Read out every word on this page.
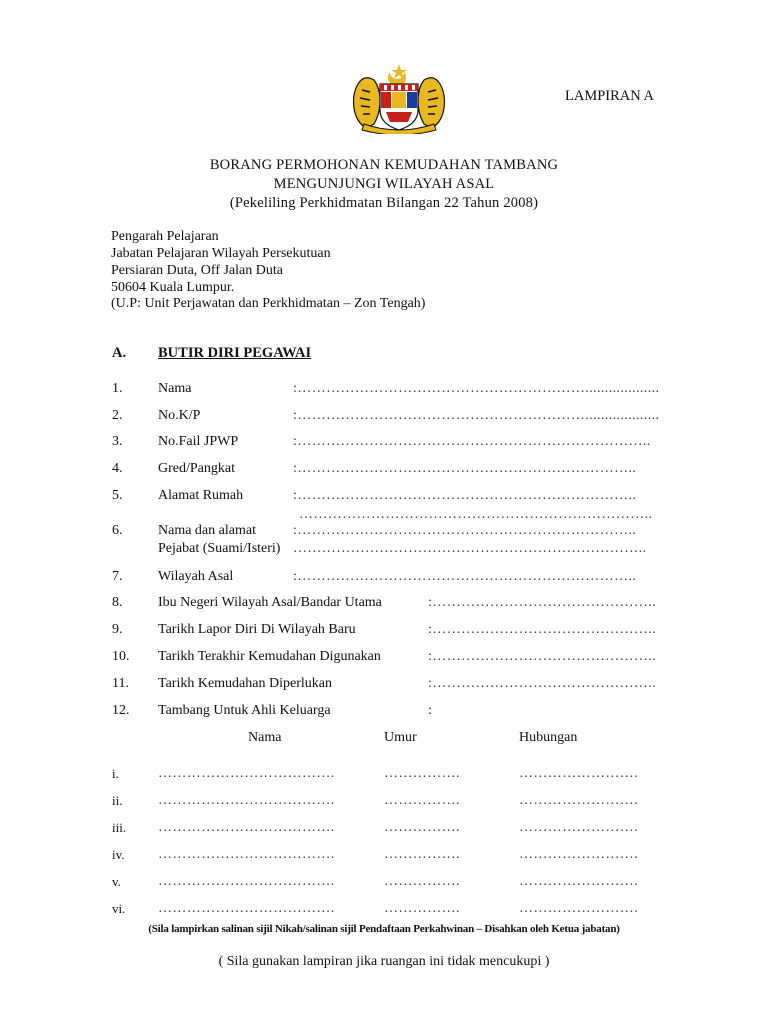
LAMPIRAN A
BORANG PERMOHONAN KEMUDAHAN TAMBANG
MENGUNJUNGI WILAYAH ASAL
(Pekeliling Perkhidmatan Bilangan 22 Tahun 2008)
Pengarah Pelajaran
Jabatan Pelajaran Wilayah Persekutuan
Persiaran Duta, Off Jalan Duta
50604 Kuala Lumpur.
(U.P: Unit Perjawatan dan Perkhidmatan – Zon Tengah)
A. BUTIR DIRI PEGAWAI
1.	Nama	:……………………………………………………...................
2.	No.K/P	:……………………………………………………...................
3.	No.Fail JPWP	:………………………………………………………………..
4.	Gred/Pangkat	:……………………………………………………………..
5.	Alamat Rumah	:……………………………………………………………..
………………………………………………………………..
6.	Nama dan alamat	:……………………………………………………………..
Pejabat (Suami/Isteri) ………………………………………………………………..
7.	Wilayah Asal	:……………………………………………………………..
8.	Ibu Negeri Wilayah Asal/Bandar Utama	:………………………………………..
9.	Tarikh Lapor Diri Di Wilayah Baru	:………………………………………..
10. Tarikh Terakhir Kemudahan Digunakan	:………………………………………..
11. Tarikh Kemudahan Diperlukan	:………………………………………..
12. Tambang Untuk Ahli Keluarga	:
Nama	Umur	Hubungan
i.	……………………………….	…………….	…………………….
ii.	……………………………….	…………….	…………………….
iii. ……………………………….	…………….	…………………….
iv. ……………………………….	…………….	…………………….
v.	……………………………….	…………….	…………………….
vi. ……………………………….	…………….	…………………….
(Sila lampirkan salinan sijil Nikah/salinan sijil Pendaftaan Perkahwinan – Disahkan oleh Ketua jabatan)
( Sila gunakan lampiran jika ruangan ini tidak mencukupi )
